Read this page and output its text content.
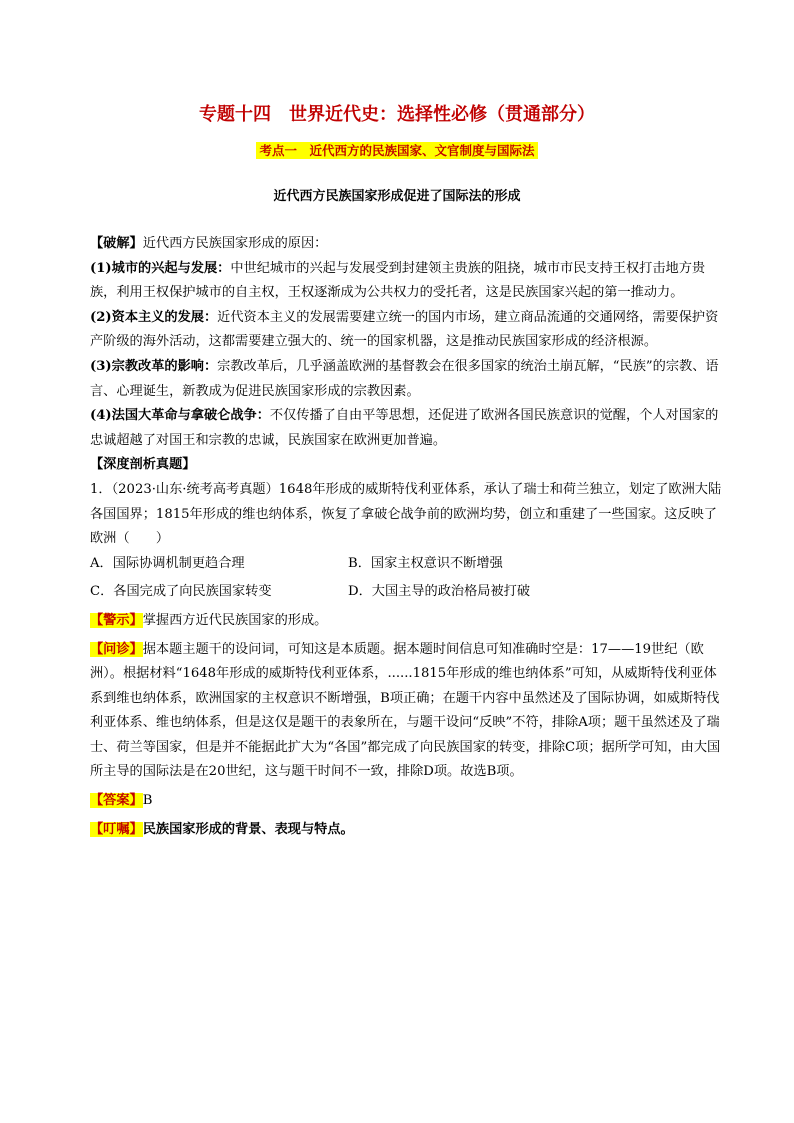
专题十四　世界近代史：选择性必修（贯通部分）
考点一　近代西方的民族国家、文官制度与国际法
近代西方民族国家形成促进了国际法的形成

【破解】近代西方民族国家形成的原因：

(1)城市的兴起与发展：中世纪城市的兴起与发展受到封建领主贵族的阻挠，城市市民支持王权打击地方贵族，利用王权保护城市的自主权，王权逐渐成为公共权力的受托者，这是民族国家兴起的第一推动力。

(2)资本主义的发展：近代资本主义的发展需要建立统一的国内市场，建立商品流通的交通网络，需要保护资产阶级的海外活动，这都需要建立强大的、统一的国家机器，这是推动民族国家形成的经济根源。

(3)宗教改革的影响：宗教改革后，几乎涵盖欧洲的基督教会在很多国家的统治土崩瓦解，“民族”的宗教、语言、心理诞生，新教成为促进民族国家形成的宗教因素。

(4)法国大革命与拿破仑战争：不仅传播了自由平等思想，还促进了欧洲各国民族意识的觉醒，个人对国家的忠诚超越了对国王和宗教的忠诚，民族国家在欧洲更加普遍。

【深度剖析真题】

1．（2023·山东·统考高考真题）1648年形成的威斯特伐利亚体系，承认了瑞士和荷兰独立，划定了欧洲大陆各国国界；1815年形成的维也纳体系，恢复了拿破仑战争前的欧洲均势，创立和重建了一些国家。这反映了欧洲（　　）

A．国际协调机制更趋合理	B．国家主权意识不断增强
C．各国完成了向民族国家转变	D．大国主导的政治格局被打破

【警示】掌握西方近代民族国家的形成。

【问诊】据本题主题干的设问词，可知这是本质题。据本题时间信息可知准确时空是：17——19世纪（欧洲）。根据材料“1648年形成的威斯特伐利亚体系，......1815年形成的维也纳体系”可知，从威斯特伐利亚体系到维也纳体系，欧洲国家的主权意识不断增强，B项正确；在题干内容中虽然述及了国际协调，如威斯特伐利亚体系、维也纳体系，但是这仅是题干的表象所在，与题干设问“反映”不符，排除A项；题干虽然述及了瑞士、荷兰等国家，但是并不能据此扩大为“各国”都完成了向民族国家的转变，排除C项；据所学可知，由大国所主导的国际法是在20世纪，这与题干时间不一致，排除D项。故选B项。

【答案】B

【叮嘱】民族国家形成的背景、表现与特点。
